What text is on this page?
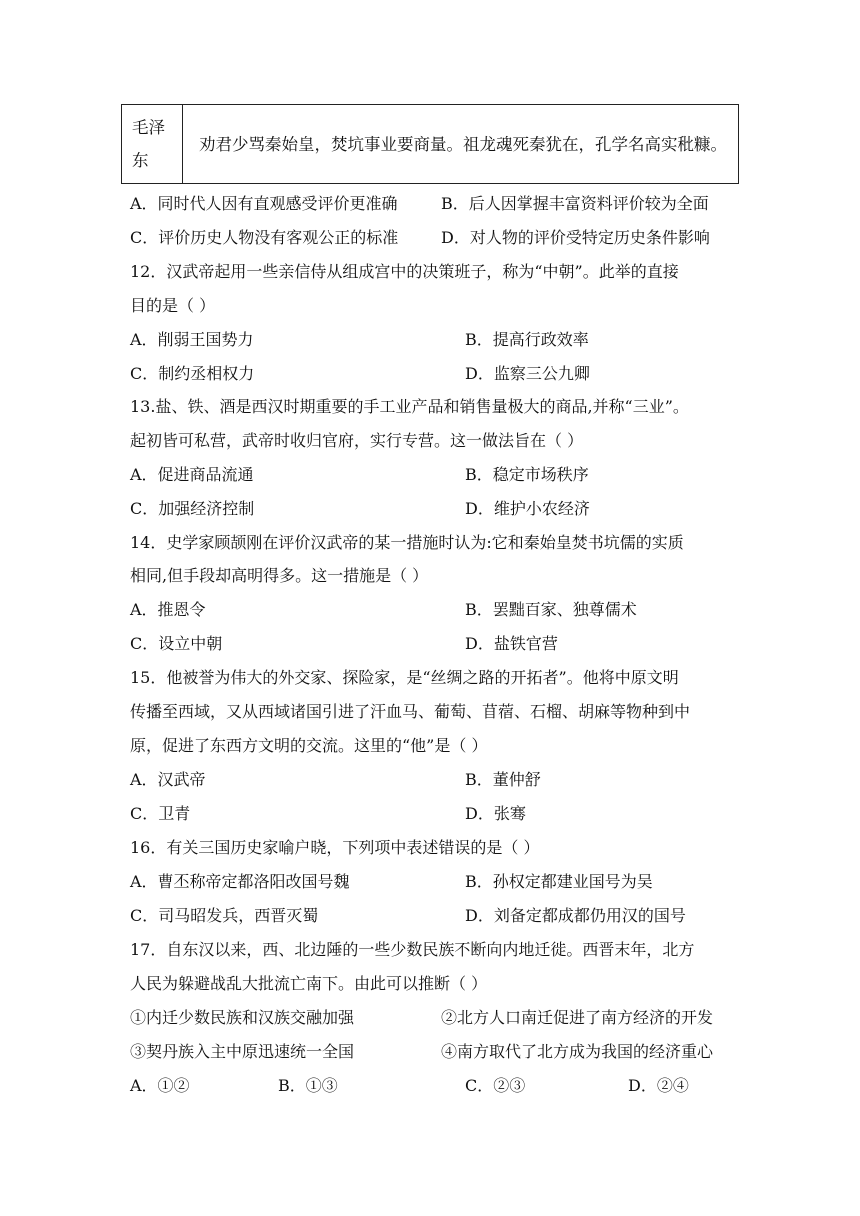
毛泽
东
	劝君少骂秦始皇，焚坑事业要商量。祖龙魂死秦犹在，孔学名高实秕糠。
A．同时代人因有直观感受评价更准确	B．后人因掌握丰富资料评价较为全面
C．评价历史人物没有客观公正的标准	D．对人物的评价受特定历史条件影响
12．汉武帝起用一些亲信侍从组成宫中的决策班子，称为“中朝”。此举的直接
目的是（ ）
A．削弱王国势力	B．提高行政效率
C．制约丞相权力	D．监察三公九卿
13.盐、铁、酒是西汉时期重要的手工业产品和销售量极大的商品,并称“三业”。
起初皆可私营，武帝时收归官府，实行专营。这一做法旨在（ ）
A．促进商品流通	B．稳定市场秩序
C．加强经济控制	D．维护小农经济
14．史学家顾颉刚在评价汉武帝的某一措施时认为:它和秦始皇焚书坑儒的实质
相同,但手段却高明得多。这一措施是（ ）
A．推恩令	B．罢黜百家、独尊儒术
C．设立中朝	D．盐铁官营
15．他被誉为伟大的外交家、探险家，是“丝绸之路的开拓者”。他将中原文明
传播至西域，又从西域诸国引进了汗血马、葡萄、苜蓿、石榴、胡麻等物种到中
原，促进了东西方文明的交流。这里的“他”是（ ）
A．汉武帝	B．董仲舒
C．卫青	D．张骞
16．有关三国历史家喻户晓，下列项中表述错误的是（ ）
A．曹丕称帝定都洛阳改国号魏	B．孙权定都建业国号为吴
C．司马昭发兵，西晋灭蜀	D．刘备定都成都仍用汉的国号
17．自东汉以来，西、北边陲的一些少数民族不断向内地迁徙。西晋末年，北方
人民为躲避战乱大批流亡南下。由此可以推断（ ）
①内迁少数民族和汉族交融加强	②北方人口南迁促进了南方经济的开发
③契丹族入主中原迅速统一全国	④南方取代了北方成为我国的经济重心
A．①②	B．①③	C．②③	D．②④
